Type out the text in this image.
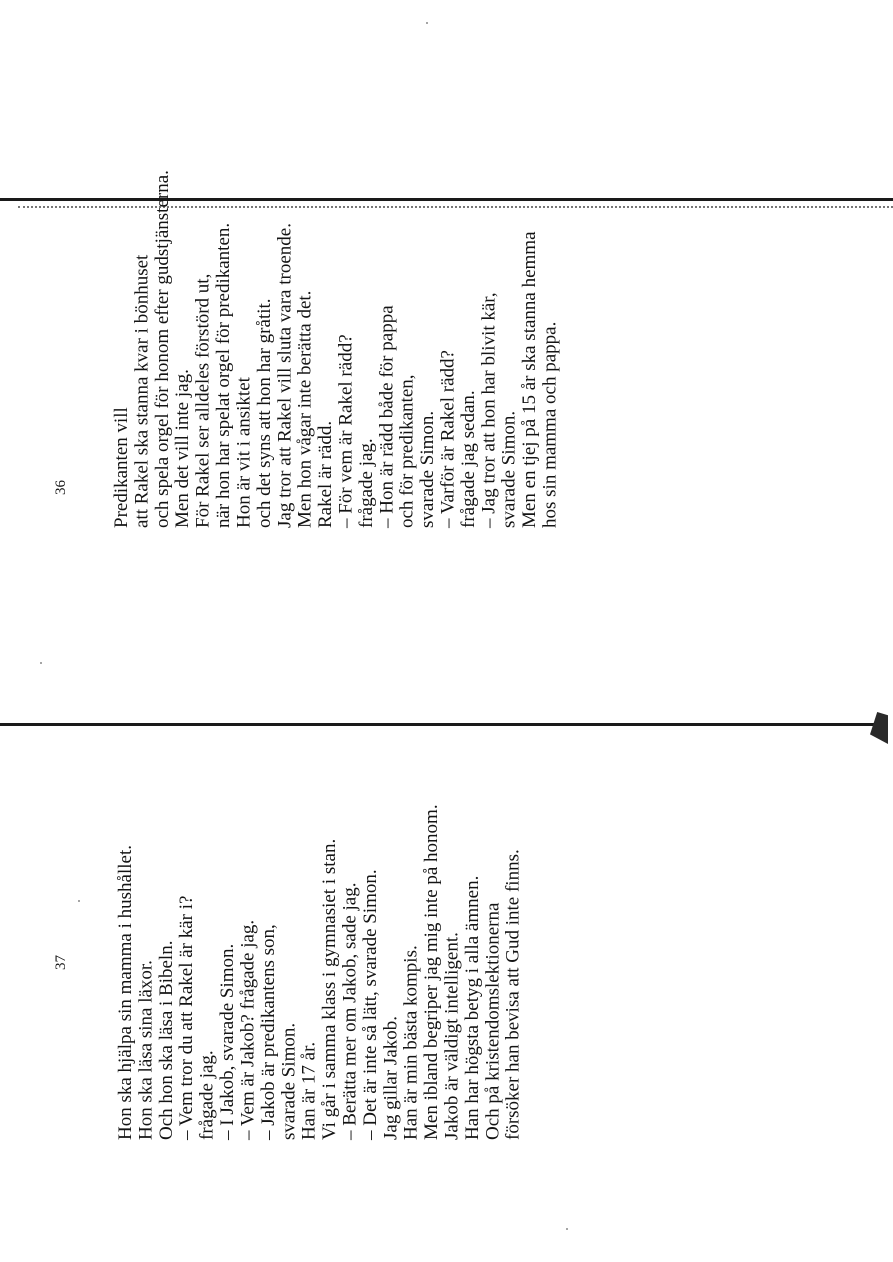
Predikanten vill att Rakel ska stanna kvar i bönhuset och spela orgel för honom efter gudstjänsterna. Men det vill inte jag. För Rakel ser alldeles förstörd ut, när hon har spelat orgel för predikanten. Hon är vit i ansiktet och det syns att hon har gråtit. Jag tror att Rakel vill sluta vara troende. Men hon vågar inte berätta det. Rakel är rädd. – För vem är Rakel rädd? frågade jag. – Hon är rädd både för pappa och för predikanten, svarade Simon. – Varför är Rakel rädd? frågade jag sedan. – Jag tror att hon har blivit kär, svarade Simon. Men en tjej på 15 år ska stanna hemma hos sin mamma och pappa.
36
Hon ska hjälpa sin mamma i hushållet. Hon ska läsa sina läxor. Och hon ska läsa i Bibeln. – Vem tror du att Rakel är kär i? frågade jag. – I Jakob, svarade Simon. – Vem är Jakob? frågade jag. – Jakob är predikantens son, svarade Simon. Han är 17 år. Vi går i samma klass i gymnasiet i stan. – Berätta mer om Jakob, sade jag. – Det är inte så lätt, svarade Simon. Jag gillar Jakob. Han är min bästa kompis. Men ibland begriper jag mig inte på honom. Jakob är väldigt intelligent. Han har högsta betyg i alla ämnen. Och på kristendomslektionerna försöker han bevisa att Gud inte finns.
37
